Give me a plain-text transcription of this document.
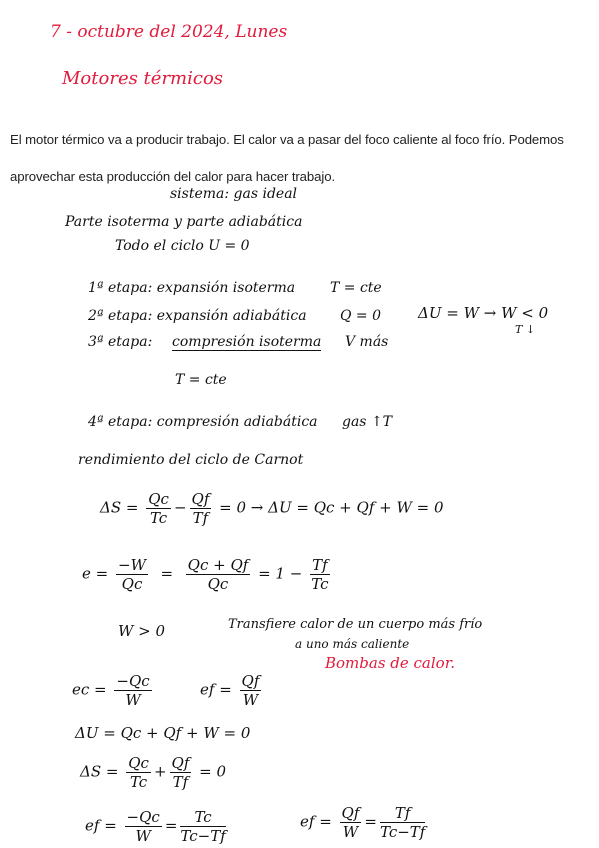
7 - octubre del 2024, Lunes
Motores térmicos
El motor térmico va a producir trabajo. El calor va a pasar del foco caliente al foco frío. Podemos
aprovechar esta producción del calor para hacer trabajo.
sistema: gas ideal
Parte isoterma y parte adiabática
Todo el ciclo U = 0
1ª etapa: expansión isoterma T = cte
2ª etapa: expansión adiabática Q = 0 ΔU = W → W < 0
T ↓
3ª etapa: compresión isoterma V más
T = cte
4ª etapa: compresión adiabática gas ↑T
rendimiento del ciclo de Carnot
$\Delta S = \frac{Qc}{Tc} - \frac{Qf}{Tf} = 0 \to \Delta U = Qc + Qf + W = 0$
$e = \frac{-W}{Qc} = \frac{Qc + Qf}{Qc} = 1 - \frac{Tf}{Tc}$
W > 0	Transfiere calor de un cuerpo más frío
a uno más caliente
Bombas de calor.
ec = $\frac{-Qc}{W}$	ef = $\frac{Qf}{W}$
ΔU = Qc + Qf + W = 0
$\Delta S = \frac{Qc}{Tc} + \frac{Qf}{Tf} = 0$
ef = $\frac{-Qc}{W} = \frac{Tc}{Tc-Tf}$	ef = $\frac{Qf}{W} = \frac{Tf}{Tc-Tf}$
